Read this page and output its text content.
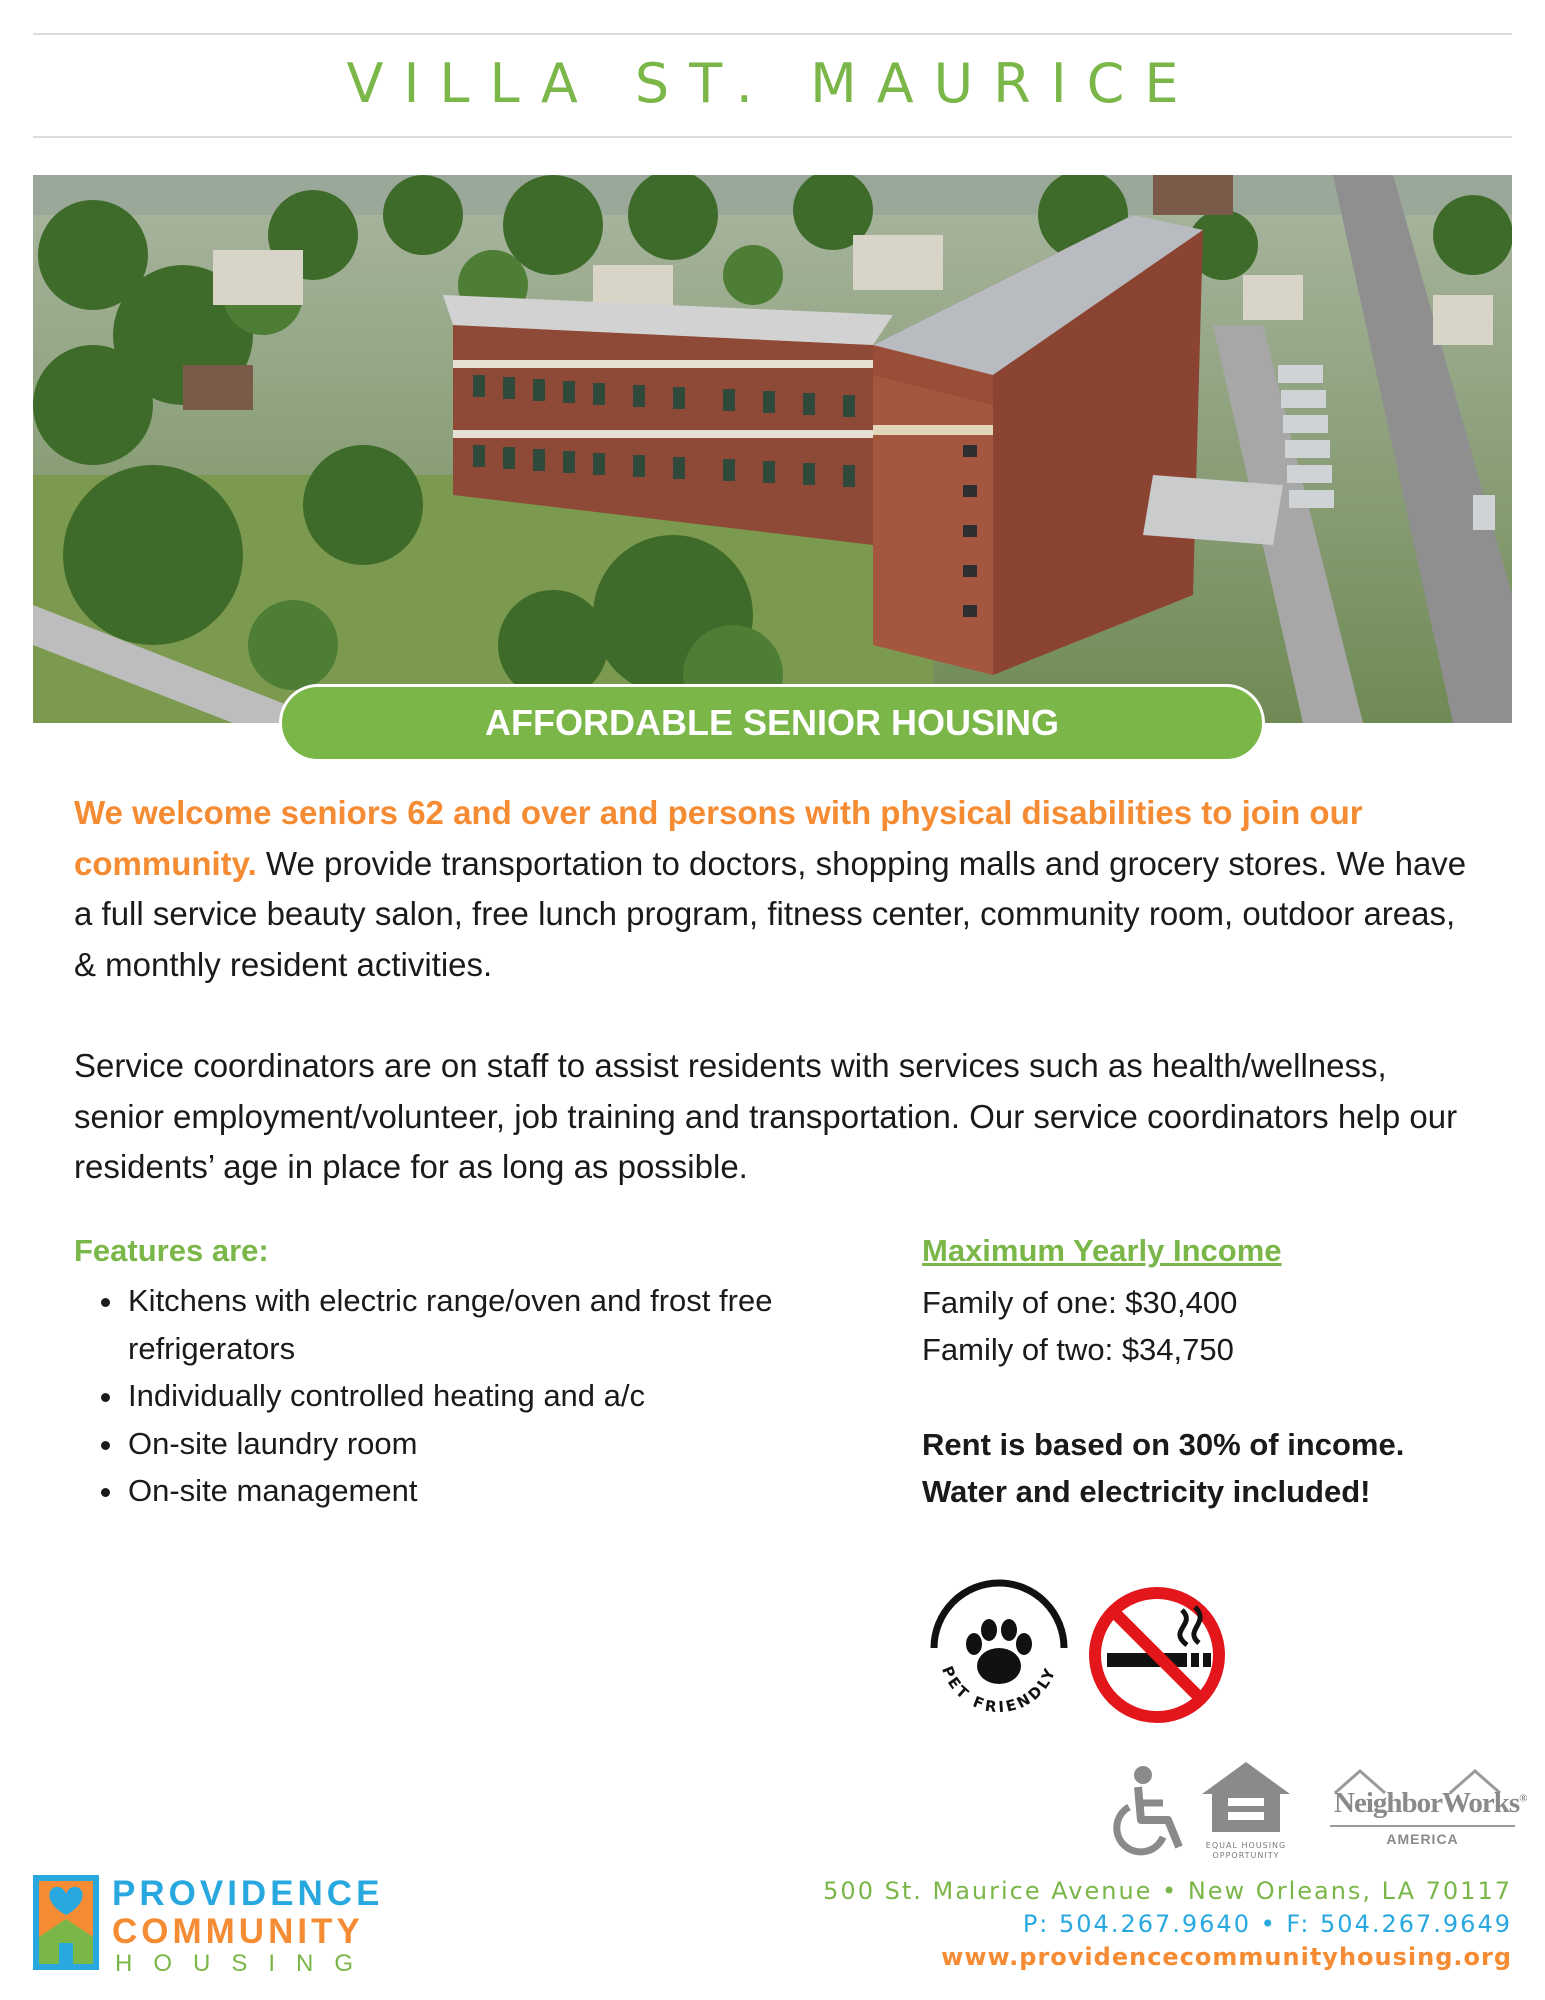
VILLA ST. MAURICE
AFFORDABLE SENIOR HOUSING

We welcome seniors 62 and over and persons with physical disabilities to join our community. We provide transportation to doctors, shopping malls and grocery stores. We have a full service beauty salon, free lunch program, fitness center, community room, outdoor areas, & monthly resident activities.

Service coordinators are on staff to assist residents with services such as health/wellness, senior employment/volunteer, job training and transportation. Our service coordinators help our residents’ age in place for as long as possible.

Features are:

• Kitchens with electric range/oven and frost free refrigerators
• Individually controlled heating and a/c
• On-site laundry room
• On-site management

Maximum Yearly Income

Family of one: $30,400
Family of two: $34,750
Rent is based on 30% of income.
Water and electricity included!
PET FRIENDLY
EQUAL HOUSING
OPPORTUNITY
NeighborWorks®
AMERICA
PROVIDENCE
COMMUNITY
HOUSING
500 St. Maurice Avenue • New Orleans, LA 70117
P: 504.267.9640 • F: 504.267.9649
www.providencecommunityhousing.org
